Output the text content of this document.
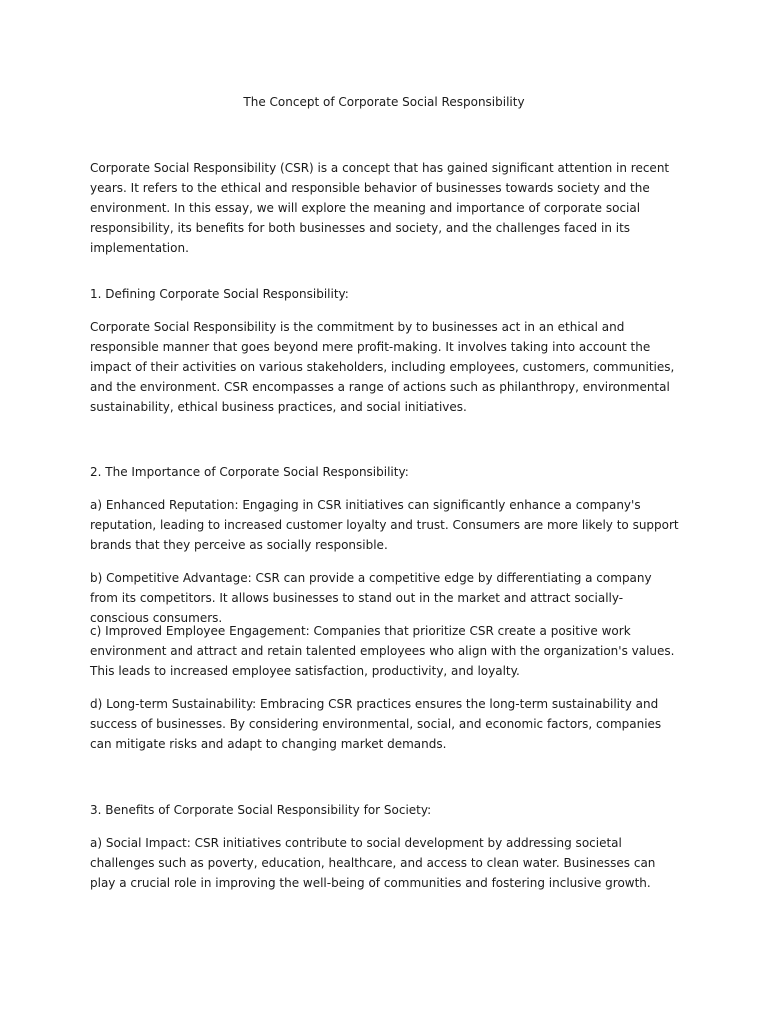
The Concept of Corporate Social Responsibility

Corporate Social Responsibility (CSR) is a concept that has gained significant attention in recent years. It refers to the ethical and responsible behavior of businesses towards society and the environment. In this essay, we will explore the meaning and importance of corporate social responsibility, its benefits for both businesses and society, and the challenges faced in its implementation.

1. Defining Corporate Social Responsibility:

Corporate Social Responsibility is the commitment by to businesses act in an ethical and responsible manner that goes beyond mere profit-making. It involves taking into account the impact of their activities on various stakeholders, including employees, customers, communities, and the environment. CSR encompasses a range of actions such as philanthropy, environmental sustainability, ethical business practices, and social initiatives.

2. The Importance of Corporate Social Responsibility:

a) Enhanced Reputation: Engaging in CSR initiatives can significantly enhance a company's reputation, leading to increased customer loyalty and trust. Consumers are more likely to support brands that they perceive as socially responsible.

b) Competitive Advantage: CSR can provide a competitive edge by differentiating a company from its competitors. It allows businesses to stand out in the market and attract socially-conscious consumers.

c) Improved Employee Engagement: Companies that prioritize CSR create a positive work environment and attract and retain talented employees who align with the organization's values. This leads to increased employee satisfaction, productivity, and loyalty.

d) Long-term Sustainability: Embracing CSR practices ensures the long-term sustainability and success of businesses. By considering environmental, social, and economic factors, companies can mitigate risks and adapt to changing market demands.

3. Benefits of Corporate Social Responsibility for Society:

a) Social Impact: CSR initiatives contribute to social development by addressing societal challenges such as poverty, education, healthcare, and access to clean water. Businesses can play a crucial role in improving the well-being of communities and fostering inclusive growth.
